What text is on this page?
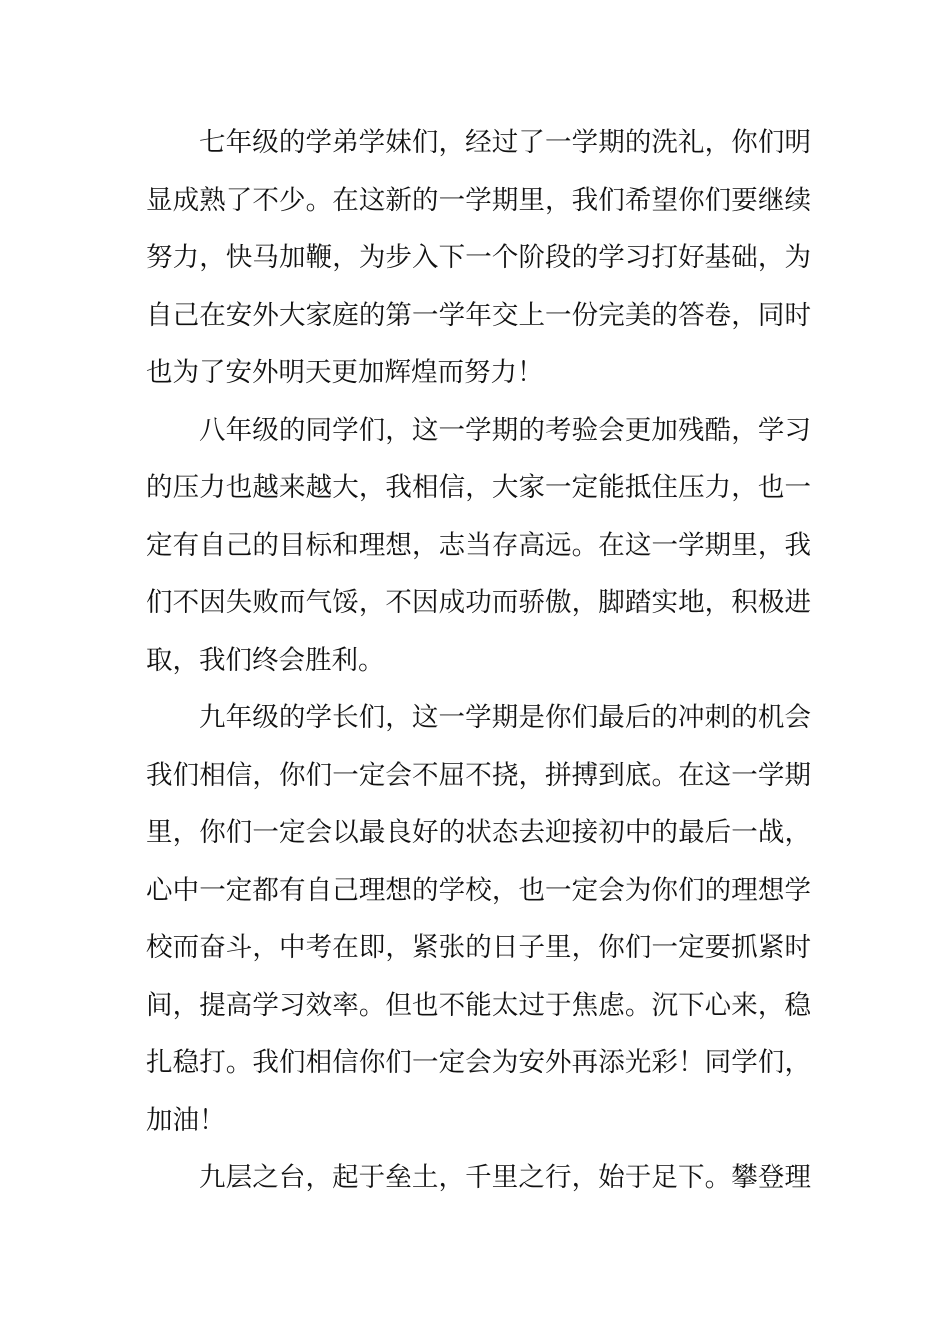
七年级的学弟学妹们，经过了一学期的洗礼，你们明
显成熟了不少。在这新的一学期里，我们希望你们要继续
努力，快马加鞭，为步入下一个阶段的学习打好基础，为
自己在安外大家庭的第一学年交上一份完美的答卷，同时
也为了安外明天更加辉煌而努力！
八年级的同学们，这一学期的考验会更加残酷，学习
的压力也越来越大，我相信，大家一定能抵住压力，也一
定有自己的目标和理想，志当存高远。在这一学期里，我
们不因失败而气馁，不因成功而骄傲，脚踏实地，积极进
取，我们终会胜利。
九年级的学长们，这一学期是你们最后的冲刺的机会
我们相信，你们一定会不屈不挠，拼搏到底。在这一学期
里，你们一定会以最良好的状态去迎接初中的最后一战，
心中一定都有自己理想的学校，也一定会为你们的理想学
校而奋斗，中考在即，紧张的日子里，你们一定要抓紧时
间，提高学习效率。但也不能太过于焦虑。沉下心来，稳
扎稳打。我们相信你们一定会为安外再添光彩！同学们，
加油！
九层之台，起于垒土，千里之行，始于足下。攀登理
